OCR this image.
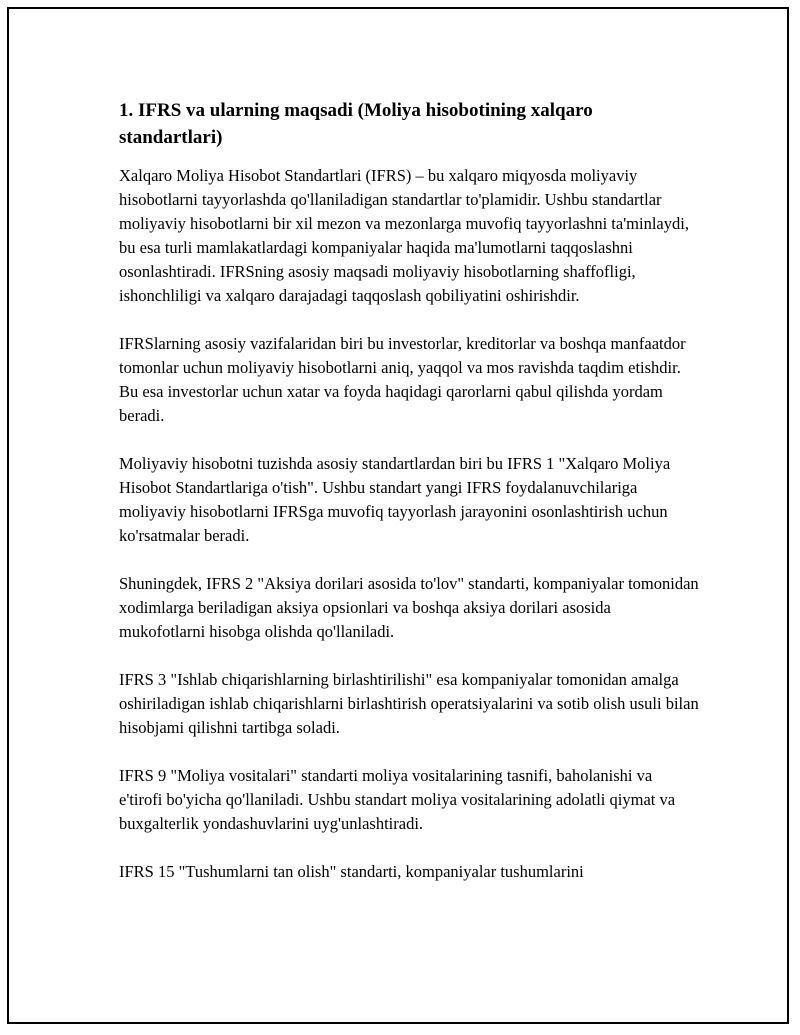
1. IFRS va ularning maqsadi (Moliya hisobotining xalqaro standartlari)

Xalqaro Moliya Hisobot Standartlari (IFRS) – bu xalqaro miqyosda moliyaviy hisobotlarni tayyorlashda qo'llaniladigan standartlar to'plamidir. Ushbu standartlar moliyaviy hisobotlarni bir xil mezon va mezonlarga muvofiq tayyorlashni ta'minlaydi, bu esa turli mamlakatlardagi kompaniyalar haqida ma'lumotlarni taqqoslashni osonlashtiradi. IFRSning asosiy maqsadi moliyaviy hisobotlarning shaffofligi, ishonchliligi va xalqaro darajadagi taqqoslash qobiliyatini oshirishdir.

IFRSlarning asosiy vazifalaridan biri bu investorlar, kreditorlar va boshqa manfaatdor tomonlar uchun moliyaviy hisobotlarni aniq, yaqqol va mos ravishda taqdim etishdir. Bu esa investorlar uchun xatar va foyda haqidagi qarorlarni qabul qilishda yordam beradi.

Moliyaviy hisobotni tuzishda asosiy standartlardan biri bu IFRS 1 "Xalqaro Moliya Hisobot Standartlariga o'tish". Ushbu standart yangi IFRS foydalanuvchilariga moliyaviy hisobotlarni IFRSga muvofiq tayyorlash jarayonini osonlashtirish uchun ko'rsatmalar beradi.

Shuningdek, IFRS 2 "Aksiya dorilari asosida to'lov" standarti, kompaniyalar tomonidan xodimlarga beriladigan aksiya opsionlari va boshqa aksiya dorilari asosida mukofotlarni hisobga olishda qo'llaniladi.

IFRS 3 "Ishlab chiqarishlarning birlashtirilishi" esa kompaniyalar tomonidan amalga oshiriladigan ishlab chiqarishlarni birlashtirish operatsiyalarini va sotib olish usuli bilan hisobjami qilishni tartibga soladi.

IFRS 9 "Moliya vositalari" standarti moliya vositalarining tasnifi, baholanishi va e'tirofi bo'yicha qo'llaniladi. Ushbu standart moliya vositalarining adolatli qiymat va buxgalterlik yondashuvlarini uyg'unlashtiradi.

IFRS 15 "Tushumlarni tan olish" standarti, kompaniyalar tushumlarini
